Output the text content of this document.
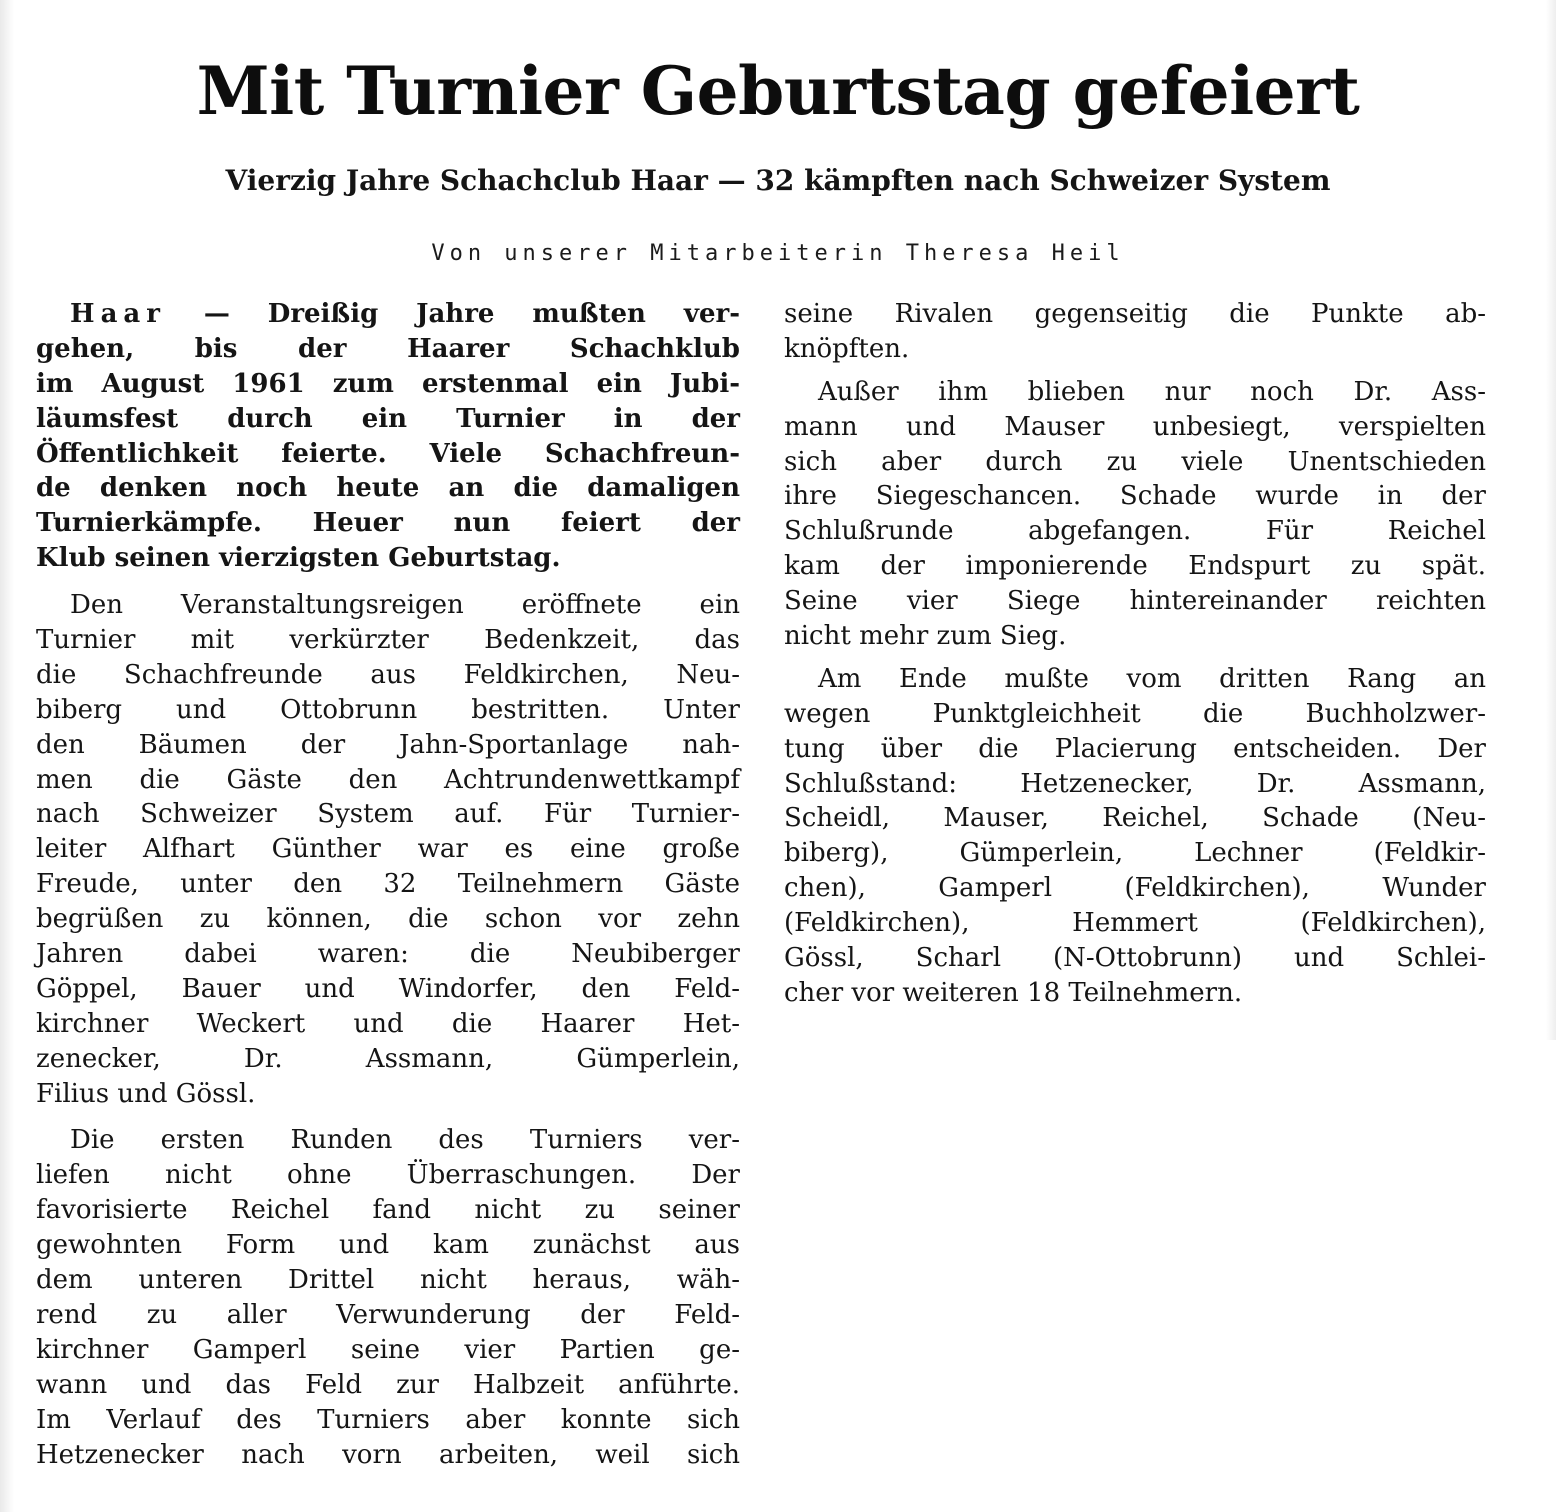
Mit Turnier Geburtstag gefeiert
Vierzig Jahre Schachclub Haar — 32 kämpften nach Schweizer System
Von unserer Mitarbeiterin Theresa Heil
Haar — Dreißig Jahre mußten ver-
gehen, bis der Haarer Schachklub
im August 1961 zum erstenmal ein Jubi-
läumsfest durch ein Turnier in der
Öffentlichkeit feierte. Viele Schachfreun-
de denken noch heute an die damaligen
Turnierkämpfe. Heuer nun feiert der
Klub seinen vierzigsten Geburtstag.
Den Veranstaltungsreigen eröffnete ein
Turnier mit verkürzter Bedenkzeit, das
die Schachfreunde aus Feldkirchen, Neu-
biberg und Ottobrunn bestritten. Unter
den Bäumen der Jahn-Sportanlage nah-
men die Gäste den Achtrundenwettkampf
nach Schweizer System auf. Für Turnier-
leiter Alfhart Günther war es eine große
Freude, unter den 32 Teilnehmern Gäste
begrüßen zu können, die schon vor zehn
Jahren dabei waren: die Neubiberger
Göppel, Bauer und Windorfer, den Feld-
kirchner Weckert und die Haarer Het-
zenecker, Dr. Assmann, Gümperlein,
Filius und Gössl.
Die ersten Runden des Turniers ver-
liefen nicht ohne Überraschungen. Der
favorisierte Reichel fand nicht zu seiner
gewohnten Form und kam zunächst aus
dem unteren Drittel nicht heraus, wäh-
rend zu aller Verwunderung der Feld-
kirchner Gamperl seine vier Partien ge-
wann und das Feld zur Halbzeit anführte.
Im Verlauf des Turniers aber konnte sich
Hetzenecker nach vorn arbeiten, weil sich
seine Rivalen gegenseitig die Punkte ab-
knöpften.
Außer ihm blieben nur noch Dr. Ass-
mann und Mauser unbesiegt, verspielten
sich aber durch zu viele Unentschieden
ihre Siegeschancen. Schade wurde in der
Schlußrunde abgefangen. Für Reichel
kam der imponierende Endspurt zu spät.
Seine vier Siege hintereinander reichten
nicht mehr zum Sieg.
Am Ende mußte vom dritten Rang an
wegen Punktgleichheit die Buchholzwer-
tung über die Placierung entscheiden. Der
Schlußstand: Hetzenecker, Dr. Assmann,
Scheidl, Mauser, Reichel, Schade (Neu-
biberg), Gümperlein, Lechner (Feldkir-
chen), Gamperl (Feldkirchen), Wunder
(Feldkirchen), Hemmert (Feldkirchen),
Gössl, Scharl (N-Ottobrunn) und Schlei-
cher vor weiteren 18 Teilnehmern.
